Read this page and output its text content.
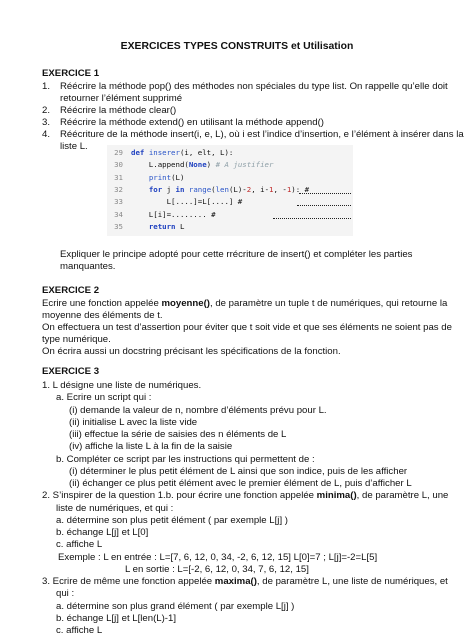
EXERCICES TYPES CONSTRUITS et Utilisation
EXERCICE 1
1. Réécrire la méthode pop() des méthodes non spéciales du type list. On rappelle qu’elle doit
retourner l’élément supprimé
2. Réécrire la méthode clear()
3. Réécrire la méthode extend() en utilisant la méthode append()
4. Réécriture de la méthode insert(i, e, L), où i est l’indice d’insertion, e l’élément à insérer dans la
liste L.
29 def inserer(i, elt, L):
30    L.append(None) # A justifier
31	print(L)
32	for j in range(len(L)-2, i-1, -1): #
33        L[....]=L[....] #
34    L[i]=........ #
35	return L
Expliquer le principe adopté pour cette rrécriture de insert() et compléter les parties
manquantes.
EXERCICE 2
Ecrire une fonction appelée moyenne(), de paramètre un tuple t de numériques, qui retourne la
moyenne des éléments de t.
On effectuera un test d’assertion pour éviter que t soit vide et que ses éléments ne soient pas de
type numérique.
On écrira aussi un docstring précisant les spécifications de la fonction.
EXERCICE 3
1. L désigne une liste de numériques.
a. Ecrire un script qui :
(i) demande la valeur de n, nombre d’éléments prévu pour L.
(ii) initialise L avec la liste vide
(iii) effectue la série de saisies des n éléments de L
(iv) affiche la liste L à la fin de la saisie
b. Compléter ce script par les instructions qui permettent de :
(i) déterminer le plus petit élément de L ainsi que son indice, puis de les afficher
(ii) échanger ce plus petit élément avec le premier élément de L, puis d’afficher L
2. S’inspirer de la question 1.b. pour écrire une fonction appelée minima(), de paramètre L, une
liste de numériques, et qui :
a. détermine son plus petit élément ( par exemple L[j] )
b. échange L[j] et L[0]
c. affiche L
Exemple : L en entrée : L=[7, 6, 12, 0, 34, -2, 6, 12, 15] L[0]=7 ; L[j]=-2=L[5]
L en sortie : L=[-2, 6, 12, 0, 34, 7, 6, 12, 15]
3. Ecrire de même une fonction appelée maxima(), de paramètre L, une liste de numériques, et
qui :
a. détermine son plus grand élément ( par exemple L[j] )
b. échange L[j] et L[len(L)-1]
c. affiche L
